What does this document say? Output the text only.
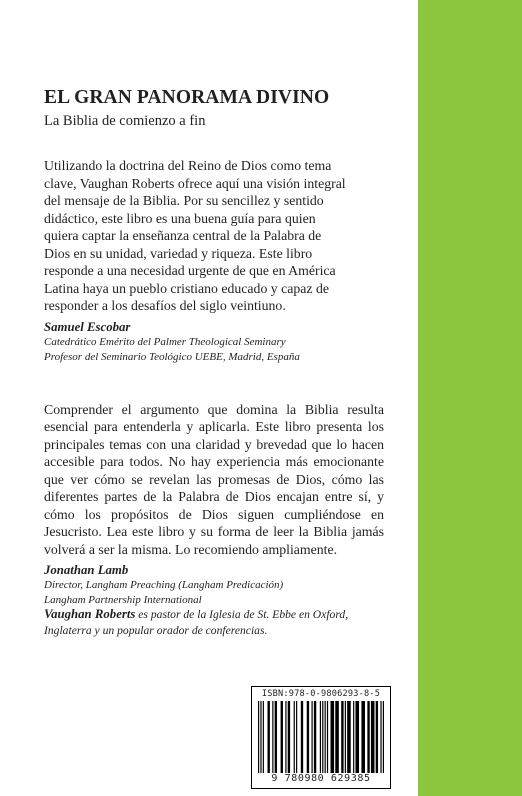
EL GRAN PANORAMA DIVINO

La Biblia de comienzo a fin

Utilizando la doctrina del Reino de Dios como tema
clave, Vaughan Roberts ofrece aquí una visión integral
del mensaje de la Biblia. Por su sencillez y sentido
didáctico, este libro es una buena guía para quien
quiera captar la enseñanza central de la Palabra de
Dios en su unidad, variedad y riqueza. Este libro
responde a una necesidad urgente de que en América
Latina haya un pueblo cristiano educado y capaz de
responder a los desafíos del siglo veintiuno.

Samuel Escobar

Catedrático Emérito del Palmer Theological Seminary

Profesor del Seminario Teológico UEBE, Madrid, España

Comprender el argumento que domina la Biblia resulta esencial para entenderla y aplicarla. Este libro presenta los principales temas con una claridad y brevedad que lo hacen accesible para todos. No hay experiencia más emocionante que ver cómo se revelan las promesas de Dios, cómo las diferentes partes de la Palabra de Dios encajan entre sí, y cómo los propósitos de Dios siguen cumpliéndose en Jesucristo. Lea este libro y su forma de leer la Biblia jamás volverá a ser la misma. Lo recomiendo ampliamente.

Jonathan Lamb

Director, Langham Preaching (Langham Predicación)

Langham Partnership International

Vaughan Roberts es pastor de la Iglesia de St. Ebbe en Oxford, Inglaterra y un popular orador de conferencias.

ISBN:978-0-9806293-8-5
9 780980 629385
